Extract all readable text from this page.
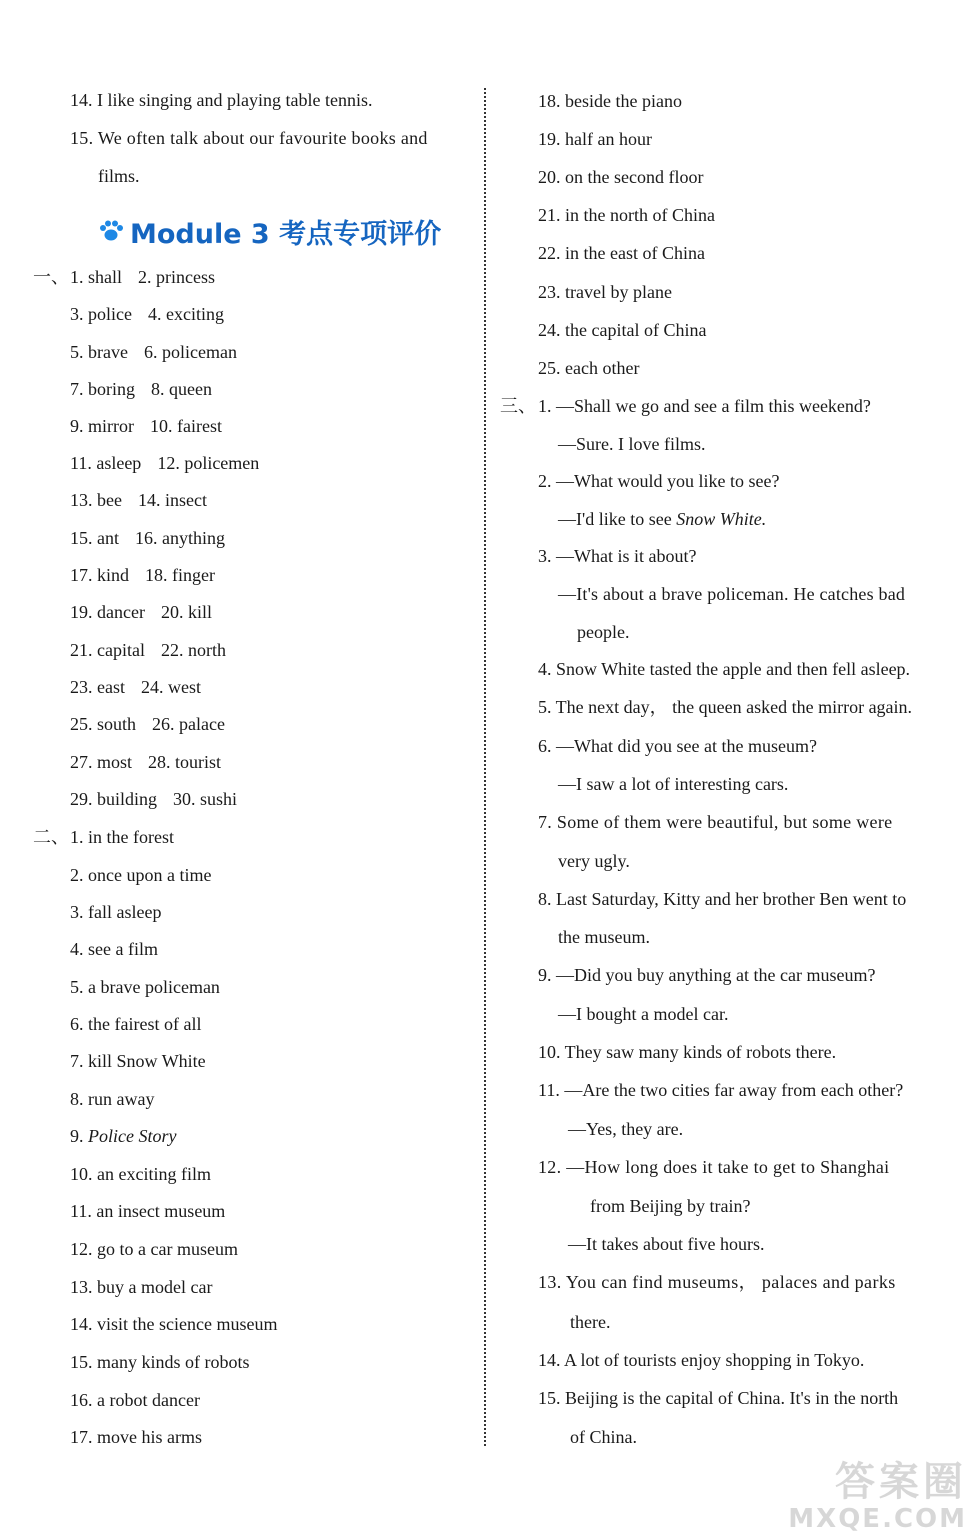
14. I like singing and playing table tennis.
15. We often talk about our favourite books and
films.
Module 3 考点专项评价
一、 1. shall 2. princess
3. police 4. exciting
5. brave 6. policeman
7. boring 8. queen
9. mirror 10. fairest
11. asleep 12. policemen
13. bee 14. insect
15. ant 16. anything
17. kind 18. finger
19. dancer 20. kill
21. capital 22. north
23. east 24. west
25. south 26. palace
27. most 28. tourist
29. building 30. sushi
二、 1. in the forest
2. once upon a time
3. fall asleep
4. see a film
5. a brave policeman
6. the fairest of all
7. kill Snow White
8. run away
9. Police Story
10. an exciting film
11. an insect museum
12. go to a car museum
13. buy a model car
14. visit the science museum
15. many kinds of robots
16. a robot dancer
17. move his arms
18. beside the piano
19. half an hour
20. on the second floor
21. in the north of China
22. in the east of China
23. travel by plane
24. the capital of China
25. each other
三、 1. —Shall we go and see a film this weekend?
—Sure. I love films.
2. —What would you like to see?
—I'd like to see Snow White.
3. —What is it about?
—It's about a brave policeman. He catches bad
people.
4. Snow White tasted the apple and then fell asleep.
5. The next day， the queen asked the mirror again.
6. —What did you see at the museum?
—I saw a lot of interesting cars.
7. Some of them were beautiful, but some were
very ugly.
8. Last Saturday, Kitty and her brother Ben went to
the museum.
9. —Did you buy anything at the car museum?
—I bought a model car.
10. They saw many kinds of robots there.
11. —Are the two cities far away from each other?
—Yes, they are.
12. —How long does it take to get to Shanghai
from Beijing by train?
—It takes about five hours.
13. You can find museums， palaces and parks
there.
14. A lot of tourists enjoy shopping in Tokyo.
15. Beijing is the capital of China. It's in the north
of China.
答案圈
MXQE.COM
